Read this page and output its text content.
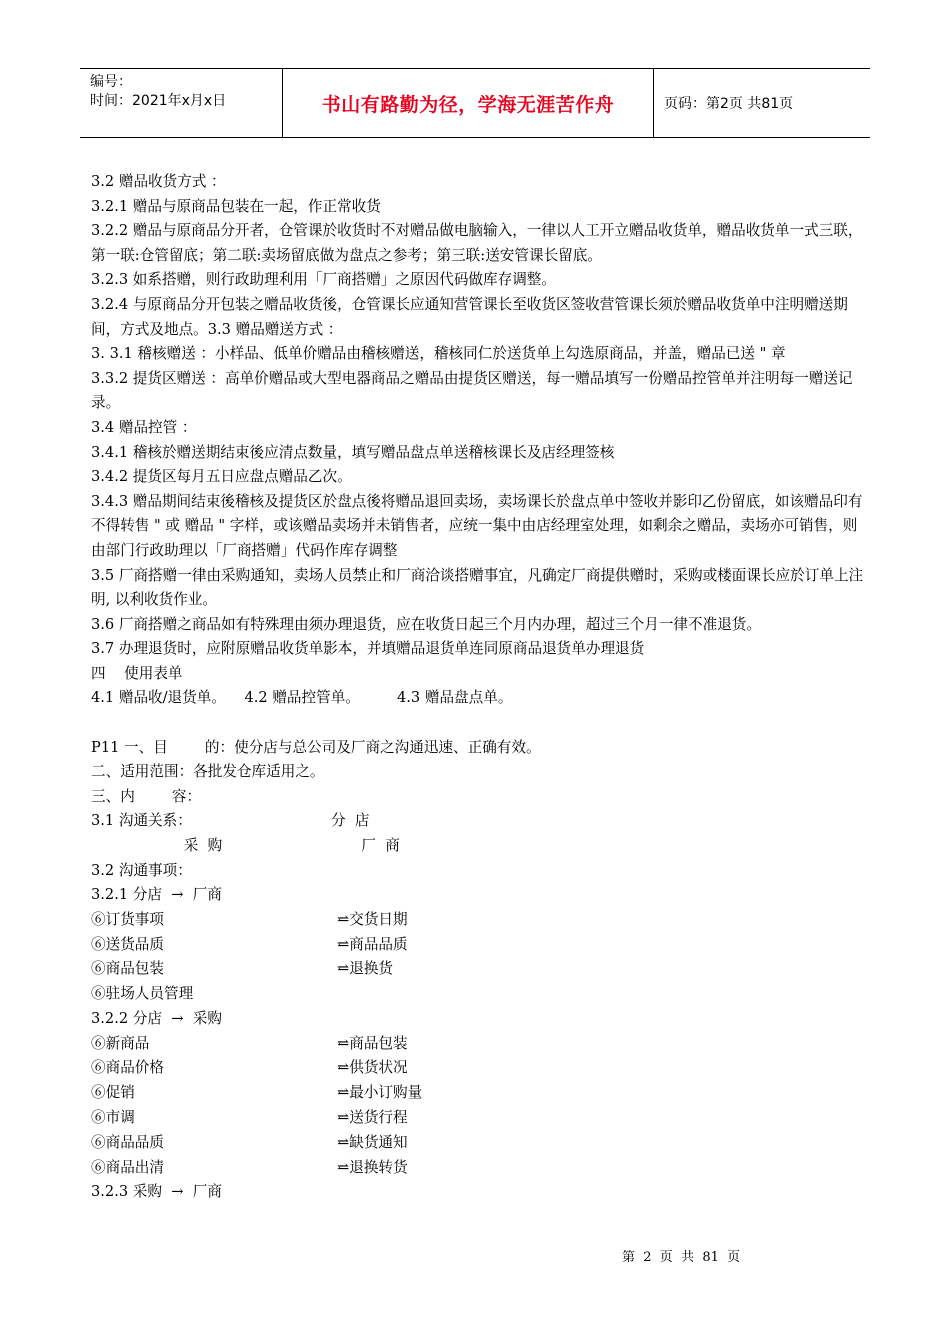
编号：
时间：2021年x月x日	书山有路勤为径，学海无涯苦作舟	页码：第2页 共81页
3.2 赠品收货方式 ：
3.2.1 赠品与原商品包装在一起，作正常收货
3.2.2 赠品与原商品分开者，仓管课於收货时不对赠品做电脑输入，一律以人工开立赠品收货单，赠品收货单一式三联， 第一联:仓管留底；第二联:卖场留底做为盘点之参考；第三联:送安管课长留底。
3.2.3 如系搭赠，则行政助理利用「厂商搭赠」之原因代码做库存调整。
3.2.4 与原商品分开包装之赠品收货後，仓管课长应通知营管课长至收货区签收营管课长须於赠品收货单中注明赠送期间，方式及地点。3.3 赠品赠送方式 ：
3. 3.1 稽核赠送 ：小样品、低单价赠品由稽核赠送，稽核同仁於送货单上勾选原商品，并盖，赠品已送 " 章
3.3.2 提货区赠送 ：高单价赠品或大型电器商品之赠品由提货区赠送，每一赠品填写一份赠品控管单并注明每一赠送记录。
3.4 赠品控管 ：
3.4.1 稽核於赠送期结束後应清点数量，填写赠品盘点单送稽核课长及店经理签核
3.4.2 提货区每月五日应盘点赠品乙次。
3.4.3 赠品期间结束後稽核及提货区於盘点後将赠品退回卖场，卖场课长於盘点单中签收并影印乙份留底，如该赠品印有 不得转售 " 或 赠品 " 字样，或该赠品卖场并未销售者，应统一集中由店经理室处理，如剩余之赠品，卖场亦可销售，则由部门行政助理以「厂商搭赠」代码作库存调整
3.5 厂商搭赠一律由采购通知，卖场人员禁止和厂商洽谈搭赠事宜，凡确定厂商提供赠时，采购或楼面课长应於订单上注明, 以利收货作业。
3.6 厂商搭赠之商品如有特殊理由须办理退货，应在收货日起三个月内办理，超过三个月一律不准退货。
3.7 办理退货时，应附原赠品收货单影本，并填赠品退货单连同原商品退货单办理退货
四    使用表单
4.1 赠品收/退货单。    4.2 赠品控管单。        4.3 赠品盘点单。
P11 一、目        的：使分店与总公司及厂商之沟通迅速、正确有效。
二、适用范围：各批发仓库适用之。
三、内        容：
3.1 沟通关系：                              分  店
采  购                              厂  商
3.2 沟通事项：
3.2.1 分店  →  厂商
⑥订货事项	⥨交货日期
⑥送货品质	⥨商品品质
⑥商品包装	⥨退换货
⑥驻场人员管理
3.2.2 分店  →  采购
⑥新商品	⥨商品包装
⑥商品价格	⥨供货状况
⑥促销	⥨最小订购量
⑥市调	⥨送货行程
⑥商品品质	⥨缺货通知
⑥商品出清	⥨退换转货
3.2.3 采购  →  厂商
第  2  页  共  81  页
